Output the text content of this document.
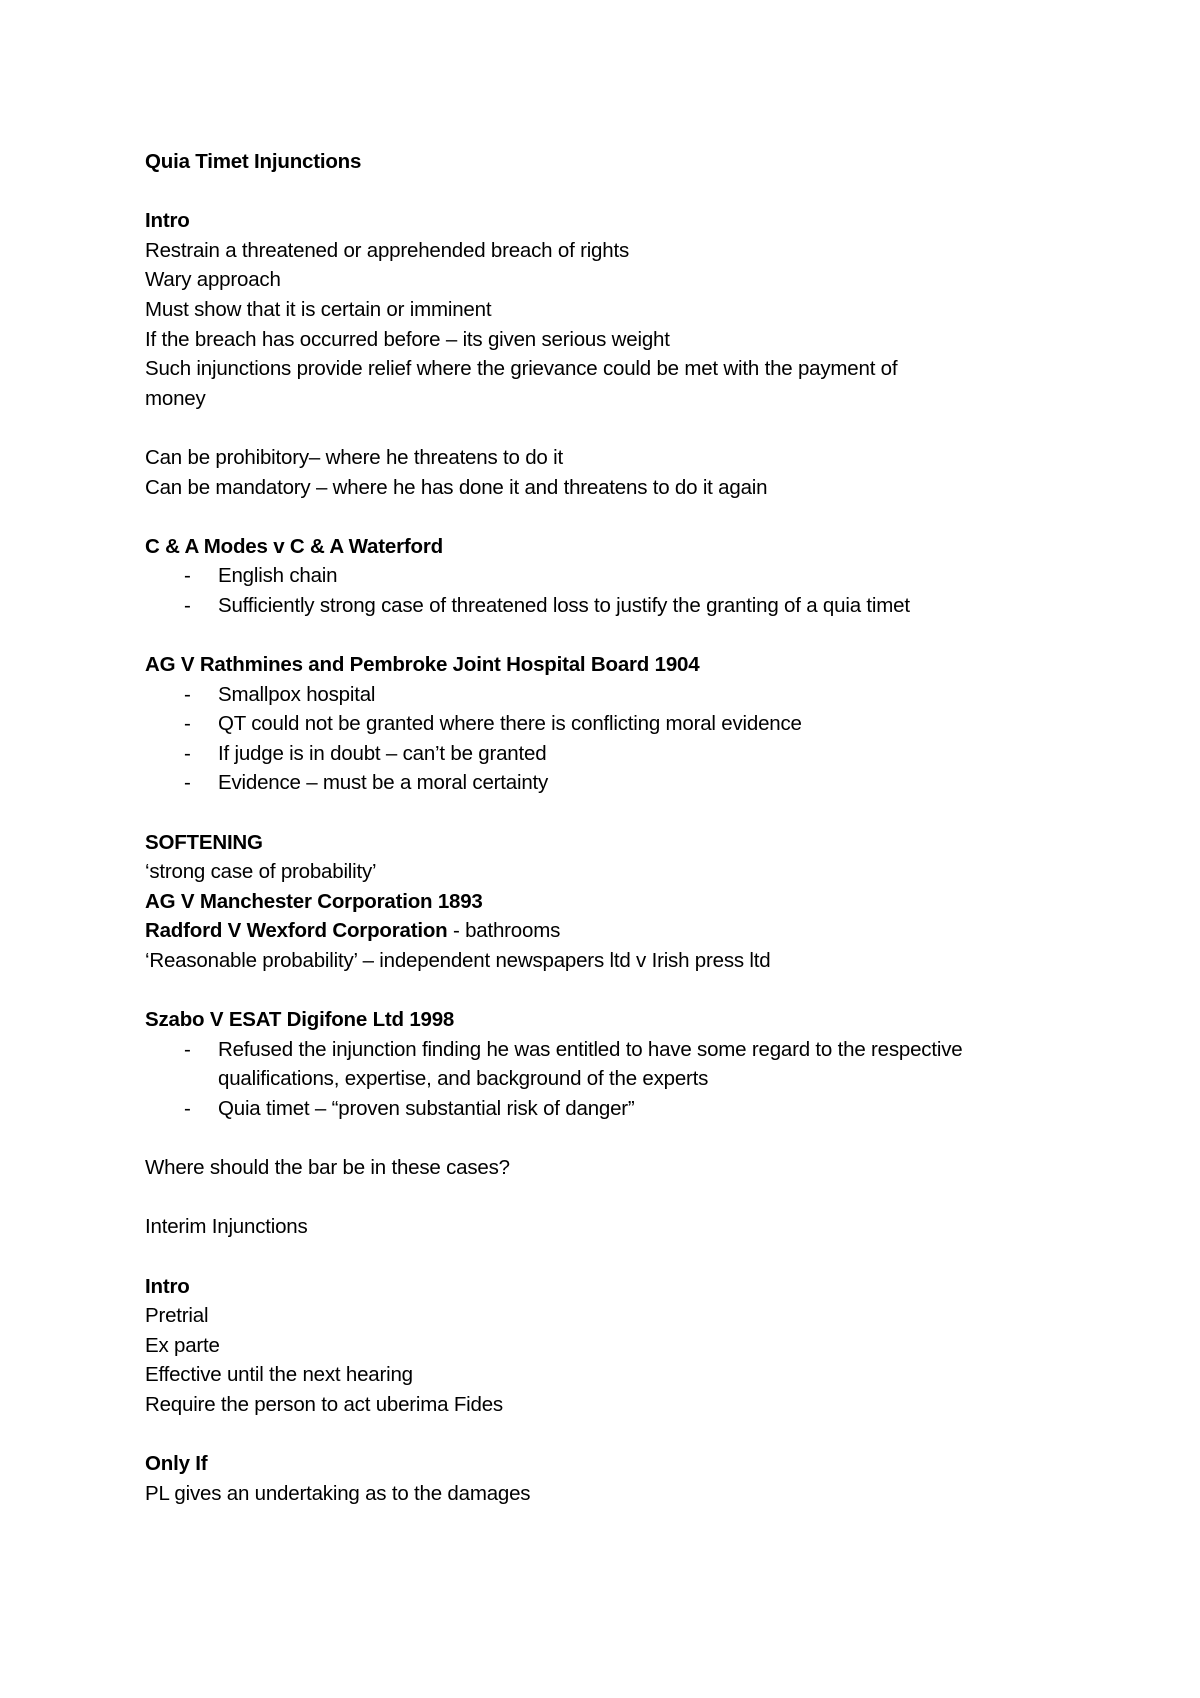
Quia Timet Injunctions
Intro
Restrain a threatened or apprehended breach of rights
Wary approach
Must show that it is certain or imminent
If the breach has occurred before – its given serious weight
Such injunctions provide relief where the grievance could be met with the payment of money
Can be prohibitory– where he threatens to do it
Can be mandatory – where he has done it and threatens to do it again
C & A Modes v C & A Waterford
- English chain
- Sufficiently strong case of threatened loss to justify the granting of a quia timet
AG V Rathmines and Pembroke Joint Hospital Board 1904
- Smallpox hospital
- QT could not be granted where there is conflicting moral evidence
- If judge is in doubt – can’t be granted
- Evidence – must be a moral certainty
SOFTENING
‘strong case of probability’
AG V Manchester Corporation 1893
Radford V Wexford Corporation - bathrooms
‘Reasonable probability’ – independent newspapers ltd v Irish press ltd
Szabo V ESAT Digifone Ltd 1998
- Refused the injunction finding he was entitled to have some regard to the respective qualifications, expertise, and background of the experts
- Quia timet – “proven substantial risk of danger”
Where should the bar be in these cases?
Interim Injunctions
Intro
Pretrial
Ex parte
Effective until the next hearing
Require the person to act uberima Fides
Only If
PL gives an undertaking as to the damages
